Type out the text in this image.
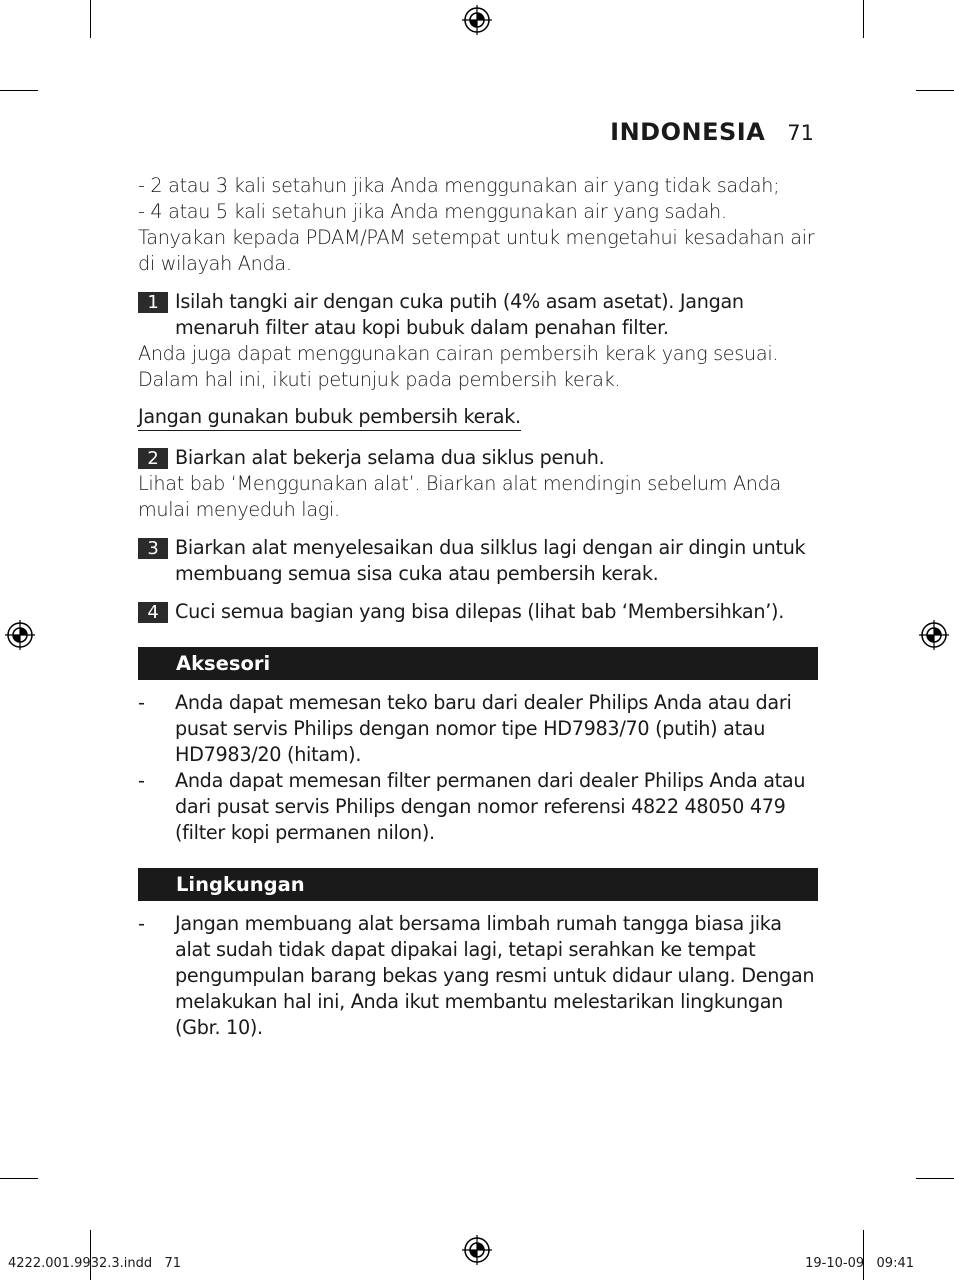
INDONESIA 71

- 2 atau 3 kali setahun jika Anda menggunakan air yang tidak sadah;

- 4 atau 5 kali setahun jika Anda menggunakan air yang sadah.

Tanyakan kepada PDAM/PAM setempat untuk mengetahui kesadahan air di wilayah Anda.

1 Isilah tangki air dengan cuka putih (4% asam asetat). Jangan menaruh filter atau kopi bubuk dalam penahan filter.

Anda juga dapat menggunakan cairan pembersih kerak yang sesuai. Dalam hal ini, ikuti petunjuk pada pembersih kerak.

Jangan gunakan bubuk pembersih kerak.
2 Biarkan alat bekerja selama dua siklus penuh.

Lihat bab ‘Menggunakan alat’. Biarkan alat mendingin sebelum Anda mulai menyeduh lagi.

3 Biarkan alat menyelesaikan dua silklus lagi dengan air dingin untuk membuang semua sisa cuka atau pembersih kerak.
4 Cuci semua bagian yang bisa dilepas (lihat bab ‘Membersihkan’).
Aksesori
-	Anda dapat memesan teko baru dari dealer Philips Anda atau dari pusat servis Philips dengan nomor tipe HD7983/70 (putih) atau HD7983/20 (hitam).
-	Anda dapat memesan filter permanen dari dealer Philips Anda atau dari pusat servis Philips dengan nomor referensi 4822 48050 479 (filter kopi permanen nilon).
Lingkungan
-	Jangan membuang alat bersama limbah rumah tangga biasa jika alat sudah tidak dapat dipakai lagi, tetapi serahkan ke tempat pengumpulan barang bekas yang resmi untuk didaur ulang. Dengan melakukan hal ini, Anda ikut membantu melestarikan lingkungan (Gbr. 10).
4222.001.9932.3.indd   71	19-10-09   09:41
